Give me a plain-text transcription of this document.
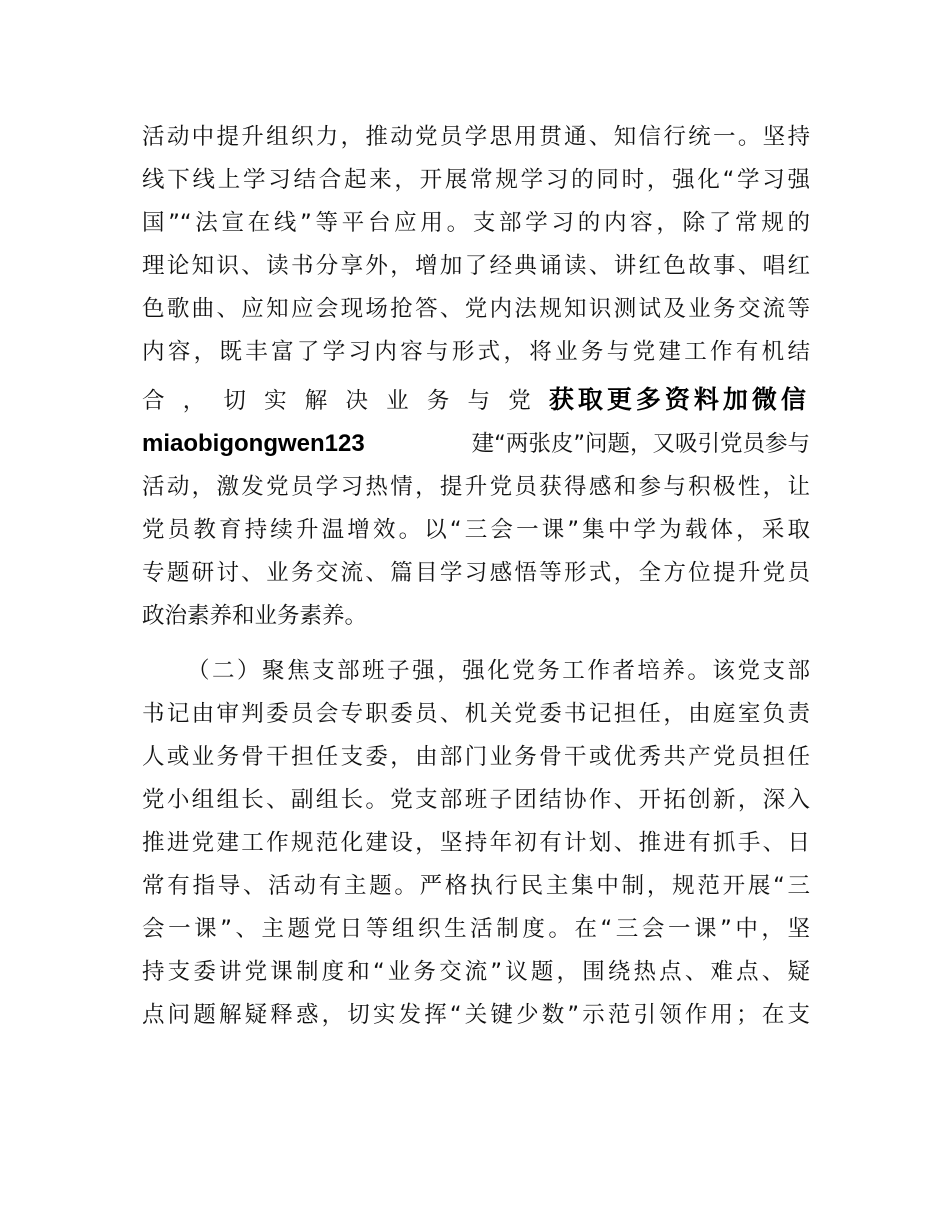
活动中提升组织力，推动党员学思用贯通、知信行统一。坚持
线下线上学习结合起来，开展常规学习的同时，强化“学习强
国”“法宣在线”等平台应用。支部学习的内容，除了常规的
理论知识、读书分享外，增加了经典诵读、讲红色故事、唱红
色歌曲、应知应会现场抢答、党内法规知识测试及业务交流等
内容，既丰富了学习内容与形式，将业务与党建工作有机结
合 ， 切 实 解 决 业 务 与 党 获取更多资料加微信
miaobigongwen123	建“两张皮”问题，又吸引党员参与
活动，激发党员学习热情，提升党员获得感和参与积极性，让
党员教育持续升温增效。以“三会一课”集中学为载体，采取
专题研讨、业务交流、篇目学习感悟等形式，全方位提升党员
政治素养和业务素养。
（二）聚焦支部班子强，强化党务工作者培养。该党支部
书记由审判委员会专职委员、机关党委书记担任，由庭室负责
人或业务骨干担任支委，由部门业务骨干或优秀共产党员担任
党小组组长、副组长。党支部班子团结协作、开拓创新，深入
推进党建工作规范化建设，坚持年初有计划、推进有抓手、日
常有指导、活动有主题。严格执行民主集中制，规范开展“三
会一课”、主题党日等组织生活制度。在“三会一课”中，坚
持支委讲党课制度和“业务交流”议题，围绕热点、难点、疑
点问题解疑释惑，切实发挥“关键少数”示范引领作用；在支
